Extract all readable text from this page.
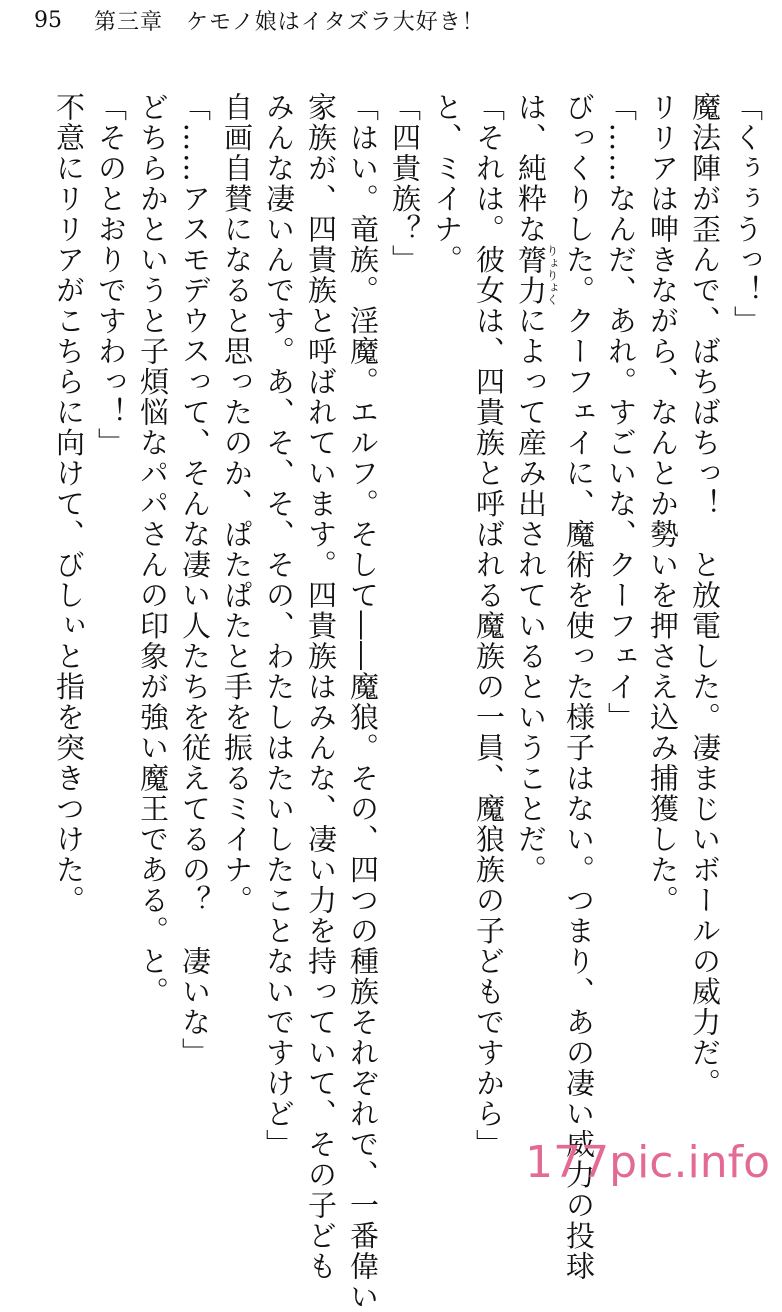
95 第三章　ケモノ娘はイタズラ大好き！
「くぅぅうっ！」
魔法陣が歪んで、ばちばちっ！　と放電した。凄まじいボールの威力だ。
リリアは呻きながら、なんとか勢いを押さえ込み捕獲した。
「……なんだ、あれ。すごいな、クーフェイ」
びっくりした。クーフェイに、魔術を使った様子はない。つまり、あの凄い威力の投球
は、純粋な膂力りょりょくによって産み出されているということだ。
「それは。彼女は、四貴族と呼ばれる魔族の一員、魔狼族の子どもですから」
と、ミイナ。
「四貴族？」
「はい。竜族。淫魔。エルフ。そして――魔狼。その、四つの種族それぞれで、一番偉い
家族が、四貴族と呼ばれています。四貴族はみんな、凄い力を持っていて、その子ども
みんな凄いんです。あ、そ、そ、その、わたしはたいしたことないですけど」
自画自賛になると思ったのか、ぱたぱたと手を振るミイナ。
「……アスモデウスって、そんな凄い人たちを従えてるの？　凄いな」
どちらかというと子煩悩なパパさんの印象が強い魔王である。と。
「そのとおりですわっ！」
不意にリリアがこちらに向けて、びしぃと指を突きつけた。
177pic.info
